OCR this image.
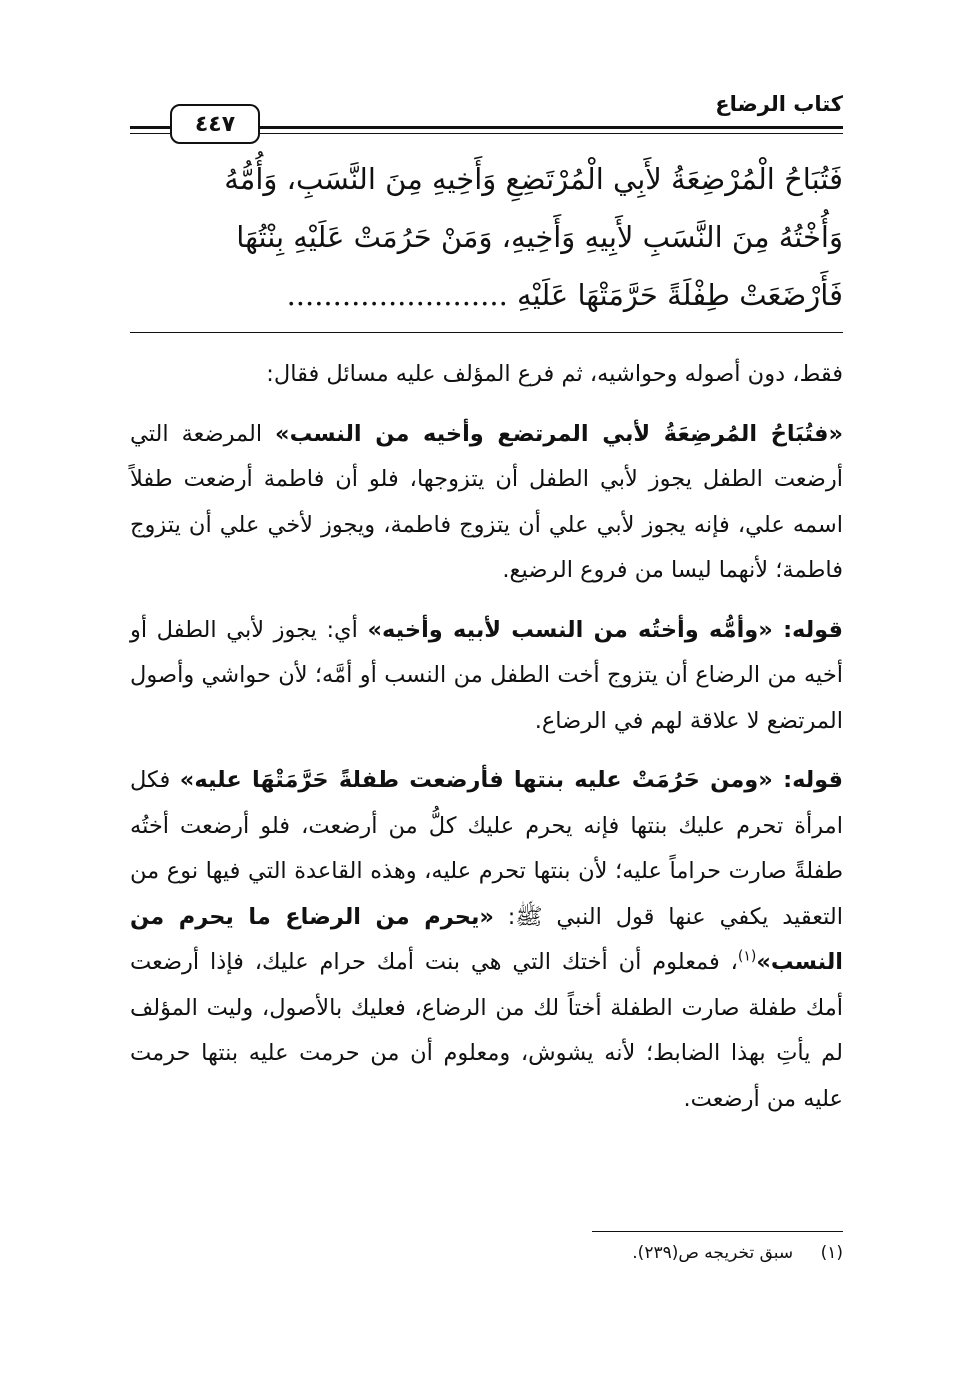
كتاب الرضاع
٤٤٧
فَتُبَاحُ الْمُرْضِعَةُ لأَبِي الْمُرْتَضِعِ وَأَخِيهِ مِنَ النَّسَبِ، وَأُمُّهُ
وَأُخْتُهُ مِنَ النَّسَبِ لأَبِيهِ وَأَخِيهِ، وَمَنْ حَرُمَتْ عَلَيْهِ بِنْتُهَا
فَأَرْضَعَتْ طِفْلَةً حَرَّمَتْهَا عَلَيْهِ ........................

فقط، دون أصوله وحواشيه، ثم فرع المؤلف عليه مسائل فقال:

«فتُبَاحُ المُرضِعَةُ لأبي المرتضع وأخيه من النسب» المرضعة التي أرضعت الطفل يجوز لأبي الطفل أن يتزوجها، فلو أن فاطمة أرضعت طفلاً اسمه علي، فإنه يجوز لأبي علي أن يتزوج فاطمة، ويجوز لأخي علي أن يتزوج فاطمة؛ لأنهما ليسا من فروع الرضيع.

قوله: «وأمُّه وأختُه من النسب لأبيه وأخيه» أي: يجوز لأبي الطفل أو أخيه من الرضاع أن يتزوج أخت الطفل من النسب أو أمَّه؛ لأن حواشي وأصول المرتضع لا علاقة لهم في الرضاع.

قوله: «ومن حَرُمَتْ عليه بنتها فأرضعت طفلةً حَرَّمَتْهَا عليه» فكل امرأة تحرم عليك بنتها فإنه يحرم عليك كلُّ من أرضعت، فلو أرضعت أختُه طفلةً صارت حراماً عليه؛ لأن بنتها تحرم عليه، وهذه القاعدة التي فيها نوع من التعقيد يكفي عنها قول النبي ﷺ: «يحرم من الرضاع ما يحرم من النسب»$^{(١)}$، فمعلوم أن أختك التي هي بنت أمك حرام عليك، فإذا أرضعت أمك طفلة صارت الطفلة أختاً لك من الرضاع، فعليك بالأصول، وليت المؤلف لم يأتِ بهذا الضابط؛ لأنه يشوش، ومعلوم أن من حرمت عليه بنتها حرمت عليه من أرضعت.

(١) سبق تخريجه ص(٢٣٩).
